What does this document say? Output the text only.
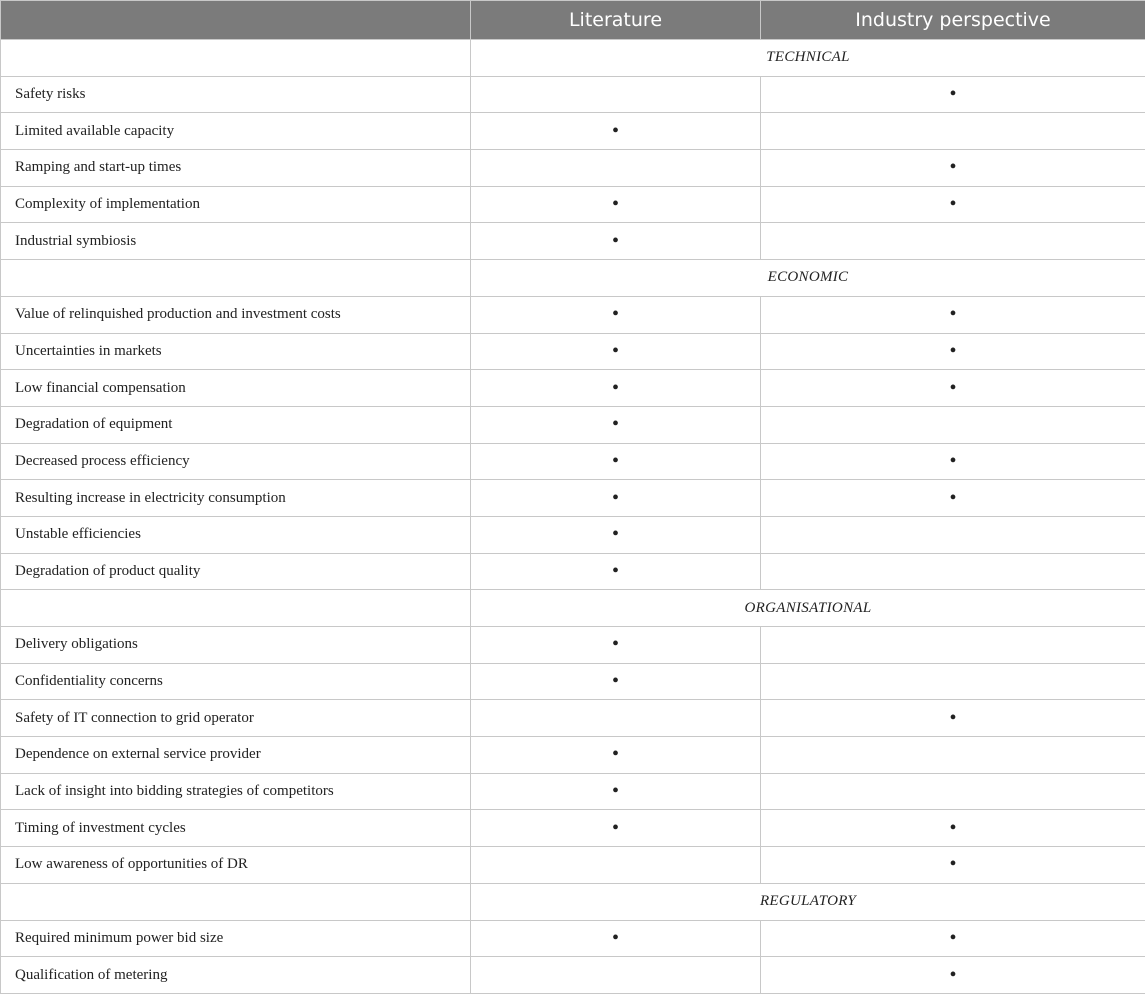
	Literature	Industry perspective
	TECHNICAL	
Safety risks		•
Limited available capacity	•	
Ramping and start-up times		•
Complexity of implementation	•	•
Industrial symbiosis	•	
	ECONOMIC	
Value of relinquished production and investment costs	•	•
Uncertainties in markets	•	•
Low financial compensation	•	•
Degradation of equipment	•	
Decreased process efficiency	•	•
Resulting increase in electricity consumption	•	•
Unstable efficiencies	•	
Degradation of product quality	•	
	ORGANISATIONAL	
Delivery obligations	•	
Confidentiality concerns	•	
Safety of IT connection to grid operator		•
Dependence on external service provider	•	
Lack of insight into bidding strategies of competitors	•	
Timing of investment cycles	•	•
Low awareness of opportunities of DR		•
	REGULATORY	
Required minimum power bid size	•	•
Qualification of metering		•
